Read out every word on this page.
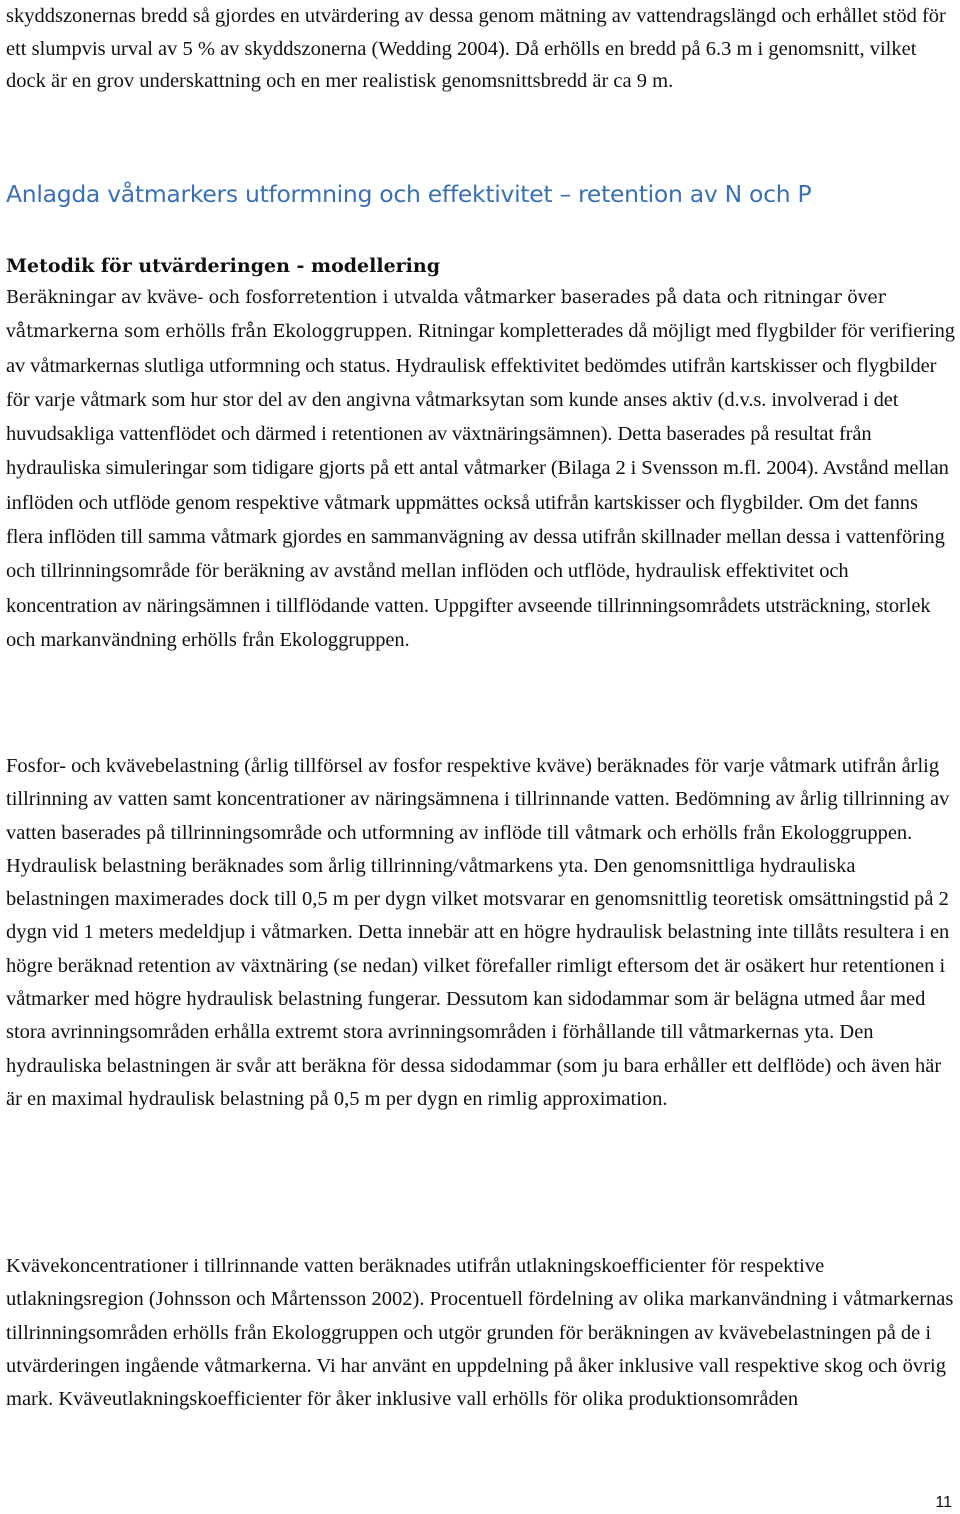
skyddszonernas bredd så gjordes en utvärdering av dessa genom mätning av vattendragslängd och erhållet stöd för ett slumpvis urval av 5 % av skyddszonerna (Wedding 2004). Då erhölls en bredd på 6.3 m i genomsnitt, vilket dock är en grov underskattning och en mer realistisk genomsnittsbredd är ca 9 m.

Anlagda våtmarkers utformning och effektivitet – retention av N och P
Metodik för utvärderingen - modellering

Beräkningar av kväve- och fosforretention i utvalda våtmarker baserades på data och ritningar över våtmarkerna som erhölls från Ekologgruppen. Ritningar kompletterades då möjligt med flygbilder för verifiering av våtmarkernas slutliga utformning och status. Hydraulisk effektivitet bedömdes utifrån kartskisser och flygbilder för varje våtmark som hur stor del av den angivna våtmarksytan som kunde anses aktiv (d.v.s. involverad i det huvudsakliga vattenflödet och därmed i retentionen av växtnäringsämnen). Detta baserades på resultat från hydrauliska simuleringar som tidigare gjorts på ett antal våtmarker (Bilaga 2 i Svensson m.fl. 2004). Avstånd mellan inflöden och utflöde genom respektive våtmark uppmättes också utifrån kartskisser och flygbilder. Om det fanns flera inflöden till samma våtmark gjordes en sammanvägning av dessa utifrån skillnader mellan dessa i vattenföring och tillrinningsområde för beräkning av avstånd mellan inflöden och utflöde, hydraulisk effektivitet och koncentration av näringsämnen i tillflödande vatten. Uppgifter avseende tillrinningsområdets utsträckning, storlek och markanvändning erhölls från Ekologgruppen.

Fosfor- och kvävebelastning (årlig tillförsel av fosfor respektive kväve) beräknades för varje våtmark utifrån årlig tillrinning av vatten samt koncentrationer av näringsämnena i tillrinnande vatten. Bedömning av årlig tillrinning av vatten baserades på tillrinningsområde och utformning av inflöde till våtmark och erhölls från Ekologgruppen. Hydraulisk belastning beräknades som årlig tillrinning/våtmarkens yta. Den genomsnittliga hydrauliska belastningen maximerades dock till 0,5 m per dygn vilket motsvarar en genomsnittlig teoretisk omsättningstid på 2 dygn vid 1 meters medeldjup i våtmarken. Detta innebär att en högre hydraulisk belastning inte tillåts resultera i en högre beräknad retention av växtnäring (se nedan) vilket förefaller rimligt eftersom det är osäkert hur retentionen i våtmarker med högre hydraulisk belastning fungerar. Dessutom kan sidodammar som är belägna utmed åar med stora avrinningsområden erhålla extremt stora avrinningsområden i förhållande till våtmarkernas yta. Den hydrauliska belastningen är svår att beräkna för dessa sidodammar (som ju bara erhåller ett delflöde) och även här är en maximal hydraulisk belastning på 0,5 m per dygn en rimlig approximation.

Kvävekoncentrationer i tillrinnande vatten beräknades utifrån utlakningskoefficienter för respektive utlakningsregion (Johnsson och Mårtensson 2002). Procentuell fördelning av olika markanvändning i våtmarkernas tillrinningsområden erhölls från Ekologgruppen och utgör grunden för beräkningen av kvävebelastningen på de i utvärderingen ingående våtmarkerna. Vi har använt en uppdelning på åker inklusive vall respektive skog och övrig mark. Kväveutlakningskoefficienter för åker inklusive vall erhölls för olika produktionsområden

11
